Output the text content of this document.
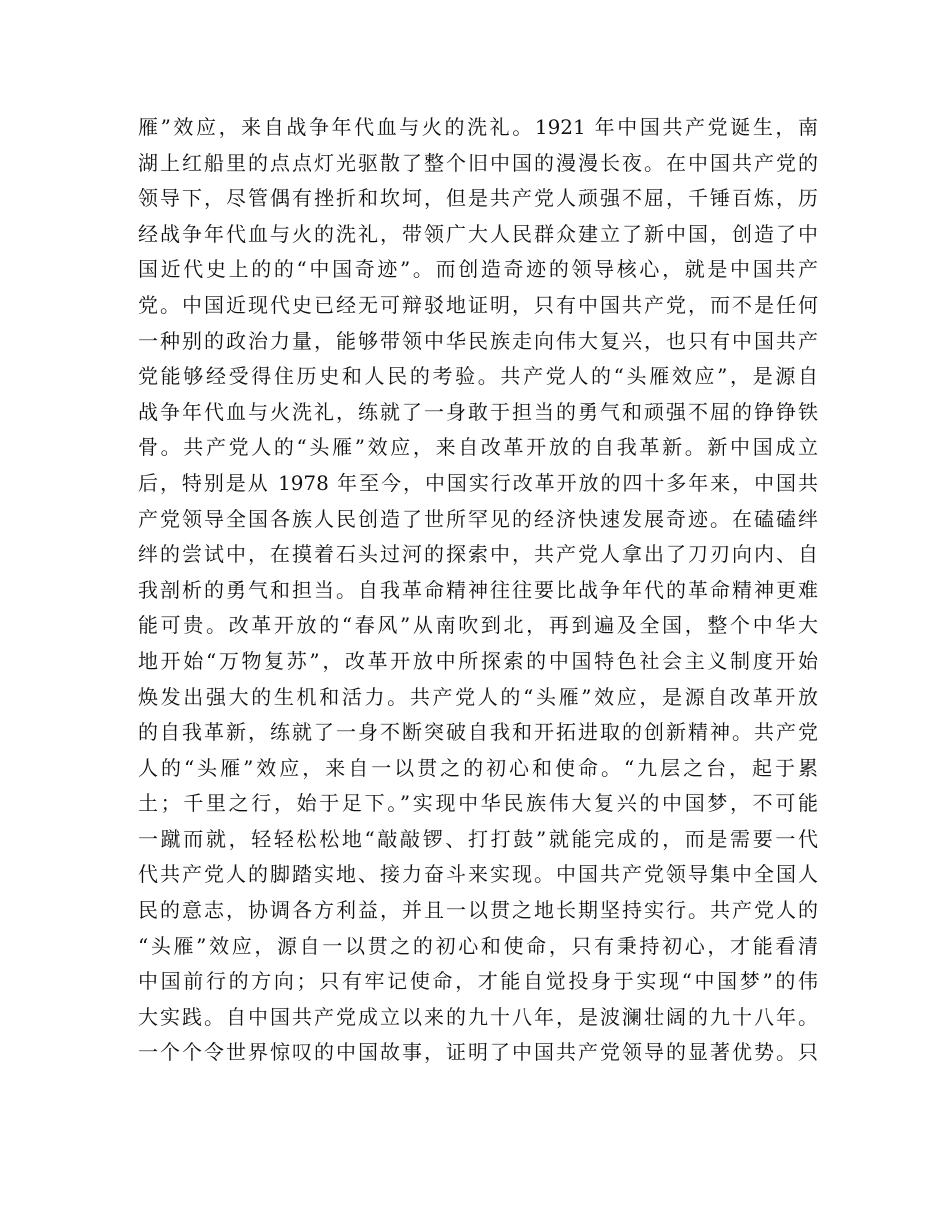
雁”效应，来自战争年代血与火的洗礼。1921 年中国共产党诞生，南
湖上红船里的点点灯光驱散了整个旧中国的漫漫长夜。在中国共产党的
领导下，尽管偶有挫折和坎坷，但是共产党人顽强不屈，千锤百炼，历
经战争年代血与火的洗礼，带领广大人民群众建立了新中国，创造了中
国近代史上的的“中国奇迹”。而创造奇迹的领导核心，就是中国共产
党。中国近现代史已经无可辩驳地证明，只有中国共产党，而不是任何
一种别的政治力量，能够带领中华民族走向伟大复兴，也只有中国共产
党能够经受得住历史和人民的考验。共产党人的“头雁效应”，是源自
战争年代血与火洗礼，练就了一身敢于担当的勇气和顽强不屈的铮铮铁
骨。共产党人的“头雁”效应，来自改革开放的自我革新。新中国成立
后，特别是从 1978 年至今，中国实行改革开放的四十多年来，中国共
产党领导全国各族人民创造了世所罕见的经济快速发展奇迹。在磕磕绊
绊的尝试中，在摸着石头过河的探索中，共产党人拿出了刀刃向内、自
我剖析的勇气和担当。自我革命精神往往要比战争年代的革命精神更难
能可贵。改革开放的“春风”从南吹到北，再到遍及全国，整个中华大
地开始“万物复苏”，改革开放中所探索的中国特色社会主义制度开始
焕发出强大的生机和活力。共产党人的“头雁”效应，是源自改革开放
的自我革新，练就了一身不断突破自我和开拓进取的创新精神。共产党
人的“头雁”效应，来自一以贯之的初心和使命。“九层之台，起于累
土；千里之行，始于足下。”实现中华民族伟大复兴的中国梦，不可能
一蹴而就，轻轻松松地“敲敲锣、打打鼓”就能完成的，而是需要一代
代共产党人的脚踏实地、接力奋斗来实现。中国共产党领导集中全国人
民的意志，协调各方利益，并且一以贯之地长期坚持实行。共产党人的
“头雁”效应，源自一以贯之的初心和使命，只有秉持初心，才能看清
中国前行的方向；只有牢记使命，才能自觉投身于实现“中国梦”的伟
大实践。自中国共产党成立以来的九十八年，是波澜壮阔的九十八年。
一个个令世界惊叹的中国故事，证明了中国共产党领导的显著优势。只
